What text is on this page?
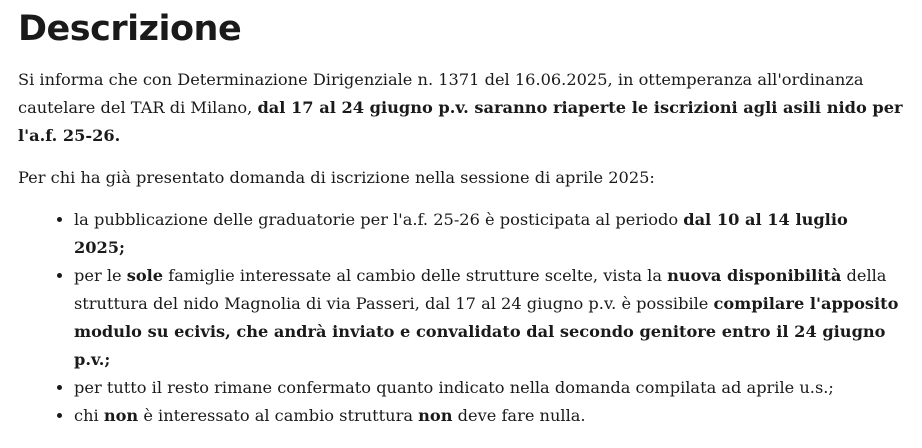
Descrizione

Si informa che con Determinazione Dirigenziale n. 1371 del 16.06.2025, in ottemperanza all'ordinanza cautelare del TAR di Milano, dal 17 al 24 giugno p.v. saranno riaperte le iscrizioni agli asili nido per l'a.f. 25-26.

Per chi ha già presentato domanda di iscrizione nella sessione di aprile 2025:

• la pubblicazione delle graduatorie per l'a.f. 25-26 è posticipata al periodo dal 10 al 14 luglio 2025;
• per le sole famiglie interessate al cambio delle strutture scelte, vista la nuova disponibilità della struttura del nido Magnolia di via Passeri, dal 17 al 24 giugno p.v. è possibile compilare l'apposito modulo su ecivis, che andrà inviato e convalidato dal secondo genitore entro il 24 giugno p.v.;
• per tutto il resto rimane confermato quanto indicato nella domanda compilata ad aprile u.s.;
• chi non è interessato al cambio struttura non deve fare nulla.
